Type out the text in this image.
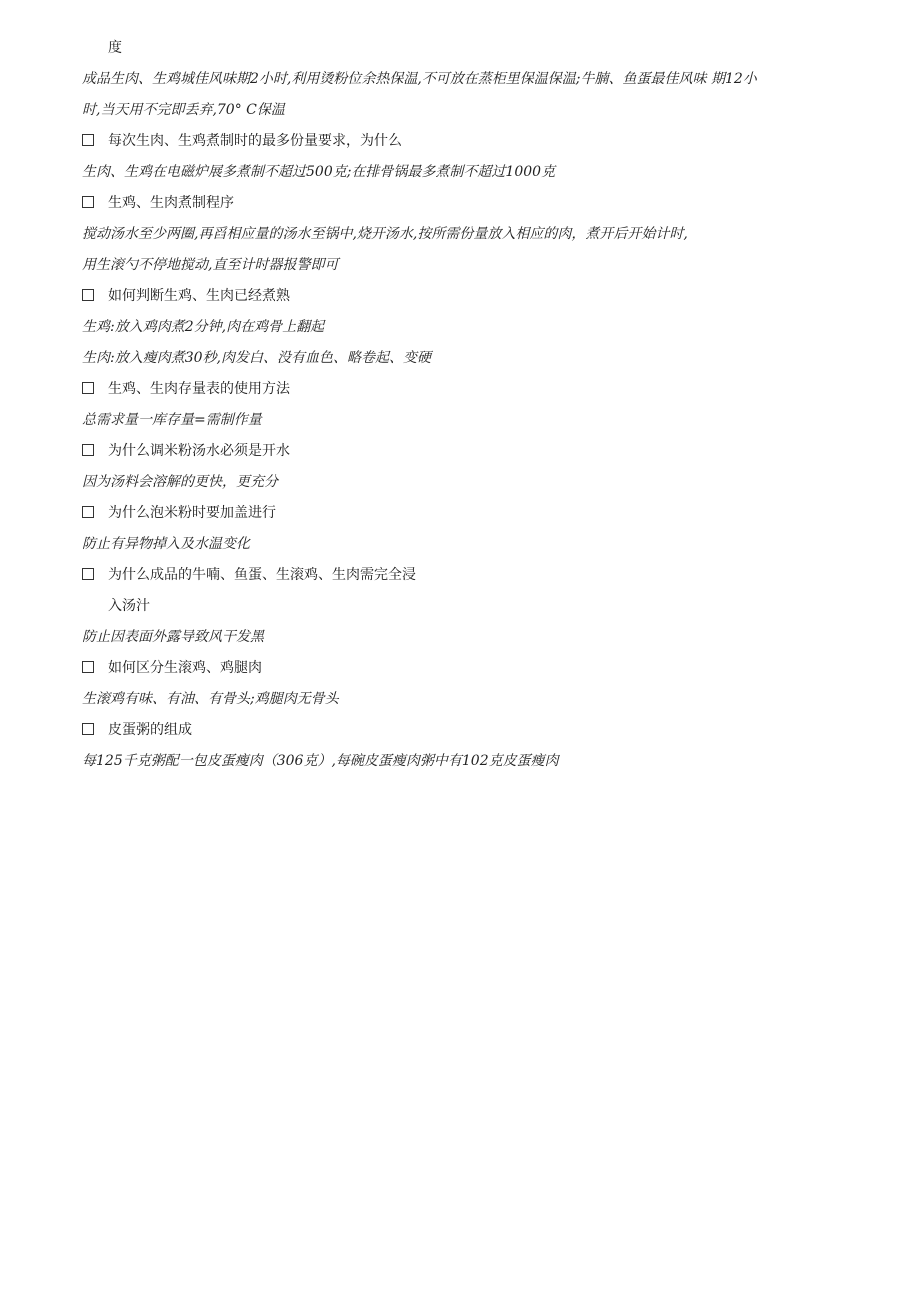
度
成品生肉、生鸡城佳风味期2小时,利用烫粉位余热保温,不可放在蒸柜里保温保温;牛腩、鱼蛋最佳风味 期12小
时,当天用不完即丢弃,70° C保温
每次生肉、生鸡煮制时的最多份量要求，为什么
生肉、生鸡在电磁炉展多煮制不超过500克;在排骨锅最多煮制不超过1000克
生鸡、生肉煮制程序
搅动汤水至少两圈,再舀相应量的汤水至锅中,烧开汤水,按所需份量放入相应的肉，煮开后开始计时,
用生滚勺不停地搅动,直至计时器报警即可
如何判断生鸡、生肉已经煮熟
生鸡:放入鸡肉煮2分钟,肉在鸡骨上翻起
生肉:放入瘦肉煮30秒,肉发白、没有血色、略卷起、变硬
生鸡、生肉存量表的使用方法
总需求量一库存量=需制作量
为什么调米粉汤水必须是开水
因为汤料会溶解的更快，更充分
为什么泡米粉时要加盖进行
防止有异物掉入及水温变化
为什么成品的牛喃、鱼蛋、生滚鸡、生肉需完全浸
入汤汁
防止因表面外露导致风干发黑
如何区分生滚鸡、鸡腿肉
生滚鸡有味、有油、有骨头;鸡腿肉无骨头
皮蛋粥的组成
每125千克粥配一包皮蛋瘦肉（306克）,每碗皮蛋瘦肉粥中有102克皮蛋瘦肉
